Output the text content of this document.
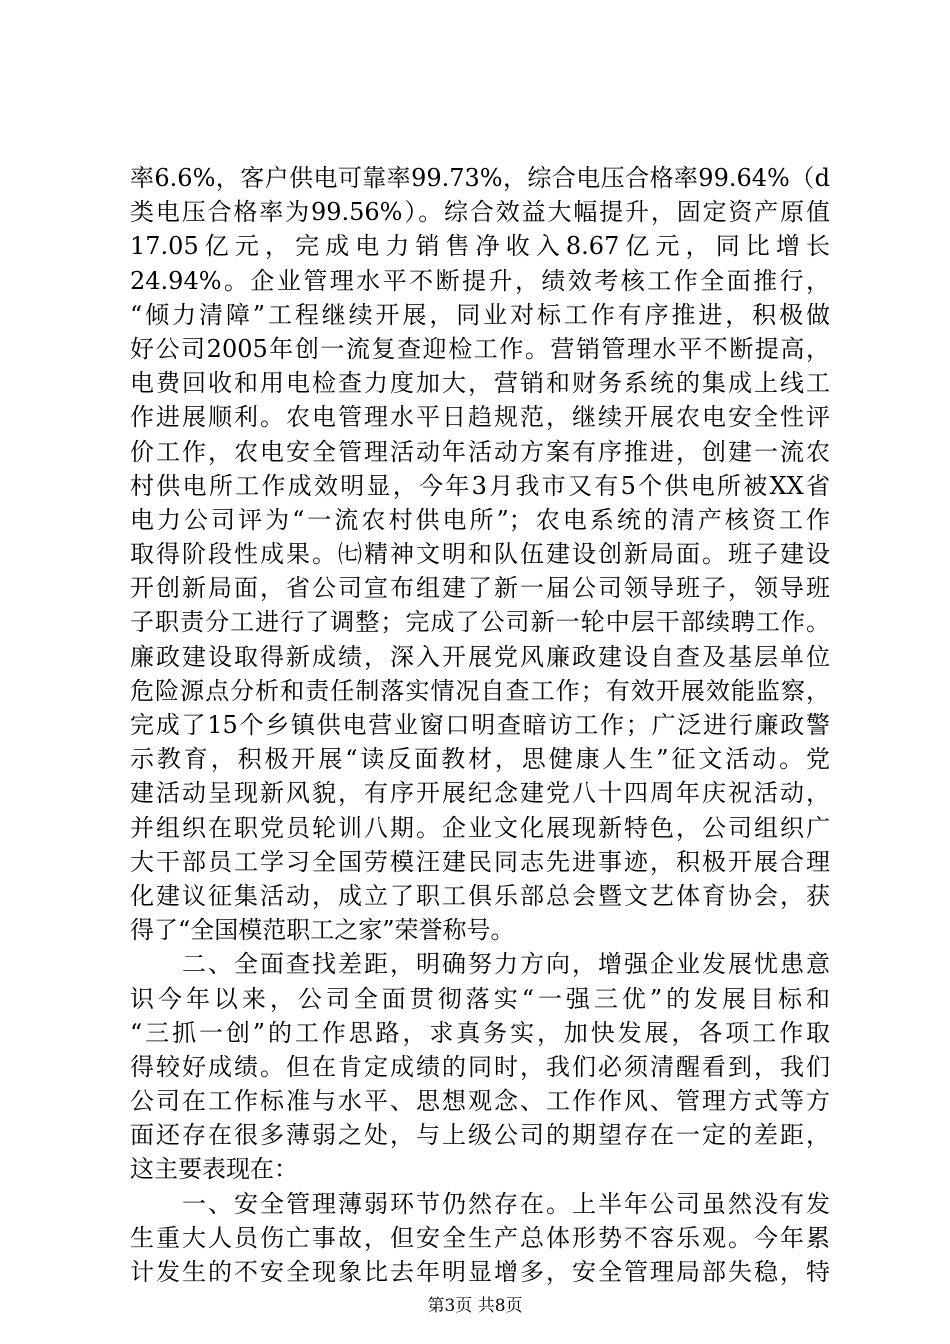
率6.6%，客户供电可靠率99.73%，综合电压合格率99.64%（d
类电压合格率为99.56%）。综合效益大幅提升，固定资产原值
17.05亿元，完成电力销售净收入8.67亿元，同比增长
24.94%。企业管理水平不断提升，绩效考核工作全面推行，
“倾力清障”工程继续开展，同业对标工作有序推进，积极做
好公司2005年创一流复查迎检工作。营销管理水平不断提高，
电费回收和用电检查力度加大，营销和财务系统的集成上线工
作进展顺利。农电管理水平日趋规范，继续开展农电安全性评
价工作，农电安全管理活动年活动方案有序推进，创建一流农
村供电所工作成效明显，今年3月我市又有5个供电所被XX省
电力公司评为“一流农村供电所”；农电系统的清产核资工作
取得阶段性成果。㈦精神文明和队伍建设创新局面。班子建设
开创新局面，省公司宣布组建了新一届公司领导班子，领导班
子职责分工进行了调整；完成了公司新一轮中层干部续聘工作。
廉政建设取得新成绩，深入开展党风廉政建设自查及基层单位
危险源点分析和责任制落实情况自查工作；有效开展效能监察，
完成了15个乡镇供电营业窗口明查暗访工作；广泛进行廉政警
示教育，积极开展“读反面教材，思健康人生”征文活动。党
建活动呈现新风貌，有序开展纪念建党八十四周年庆祝活动，
并组织在职党员轮训八期。企业文化展现新特色，公司组织广
大干部员工学习全国劳模汪建民同志先进事迹，积极开展合理
化建议征集活动，成立了职工俱乐部总会暨文艺体育协会，获
得了“全国模范职工之家”荣誉称号。
　　二、全面查找差距，明确努力方向，增强企业发展忧患意
识今年以来，公司全面贯彻落实“一强三优”的发展目标和
“三抓一创”的工作思路，求真务实，加快发展，各项工作取
得较好成绩。但在肯定成绩的同时，我们必须清醒看到，我们
公司在工作标准与水平、思想观念、工作作风、管理方式等方
面还存在很多薄弱之处，与上级公司的期望存在一定的差距，
这主要表现在：
　　一、安全管理薄弱环节仍然存在。上半年公司虽然没有发
生重大人员伤亡事故，但安全生产总体形势不容乐观。今年累
计发生的不安全现象比去年明显增多，安全管理局部失稳，特
第3页 共8页
